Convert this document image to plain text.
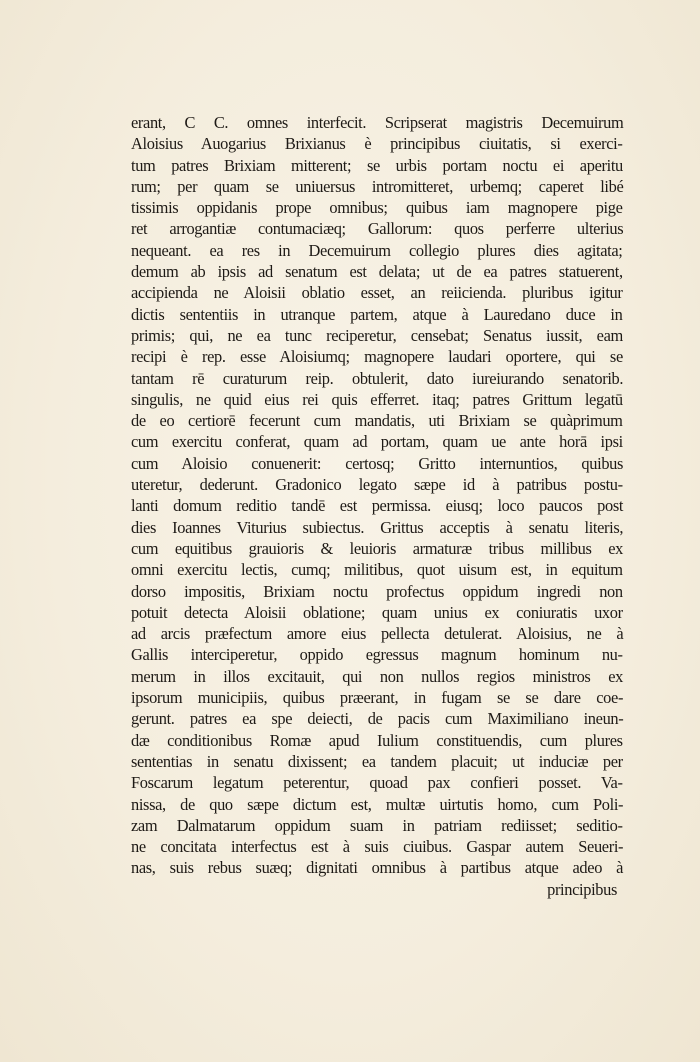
erant, C C. omnes interfecit. Scripserat magistris Decemuirum
Aloisius Auogarius Brixianus è principibus ciuitatis, si exerci-
tum patres Brixiam mitterent; se urbis portam noctu ei aperitu
rum; per quam se uniuersus intromitteret, urbemq; caperet libé
tissimis oppidanis prope omnibus; quibus iam magnopere pige
ret arrogantiæ contumaciæq; Gallorum: quos perferre ulterius
nequeant. ea res in Decemuirum collegio plures dies agitata;
demum ab ipsis ad senatum est delata; ut de ea patres statuerent,
accipienda ne Aloisii oblatio esset, an reiicienda. pluribus igitur
dictis sententiis in utranque partem, atque à Lauredano duce in
primis; qui, ne ea tunc reciperetur, censebat; Senatus iussit, eam
recipi è rep. esse Aloisiumq; magnopere laudari oportere, qui se
tantam rē curaturum reip. obtulerit, dato iureiurando senatorib.
singulis, ne quid eius rei quis efferret. itaq; patres Grittum legatū
de eo certiorē fecerunt cum mandatis, uti Brixiam se quàprimum
cum exercitu conferat, quam ad portam, quam ue ante horā ipsi
cum Aloisio conuenerit: certosq; Gritto internuntios, quibus
uteretur, dederunt. Gradonico legato sæpe id à patribus postu-
lanti domum reditio tandē est permissa. eiusq; loco paucos post
dies Ioannes Viturius subiectus. Grittus acceptis à senatu literis,
cum equitibus grauioris & leuioris armaturæ tribus millibus ex
omni exercitu lectis, cumq; militibus, quot uisum est, in equitum
dorso impositis, Brixiam noctu profectus oppidum ingredi non
potuit detecta Aloisii oblatione; quam unius ex coniuratis uxor
ad arcis præfectum amore eius pellecta detulerat. Aloisius, ne à
Gallis interciperetur, oppido egressus magnum hominum nu-
merum in illos excitauit, qui non nullos regios ministros ex
ipsorum municipiis, quibus præerant, in fugam se se dare coe-
gerunt. patres ea spe deiecti, de pacis cum Maximiliano ineun-
dæ conditionibus Romæ apud Iulium constituendis, cum plures
sententias in senatu dixissent; ea tandem placuit; ut induciæ per
Foscarum legatum peterentur, quoad pax confieri posset. Va-
nissa, de quo sæpe dictum est, multæ uirtutis homo, cum Poli-
zam Dalmatarum oppidum suam in patriam rediisset; seditio-
ne concitata interfectus est à suis ciuibus. Gaspar autem Seueri-
nas, suis rebus suæq; dignitati omnibus à partibus atque adeo à
principibus
